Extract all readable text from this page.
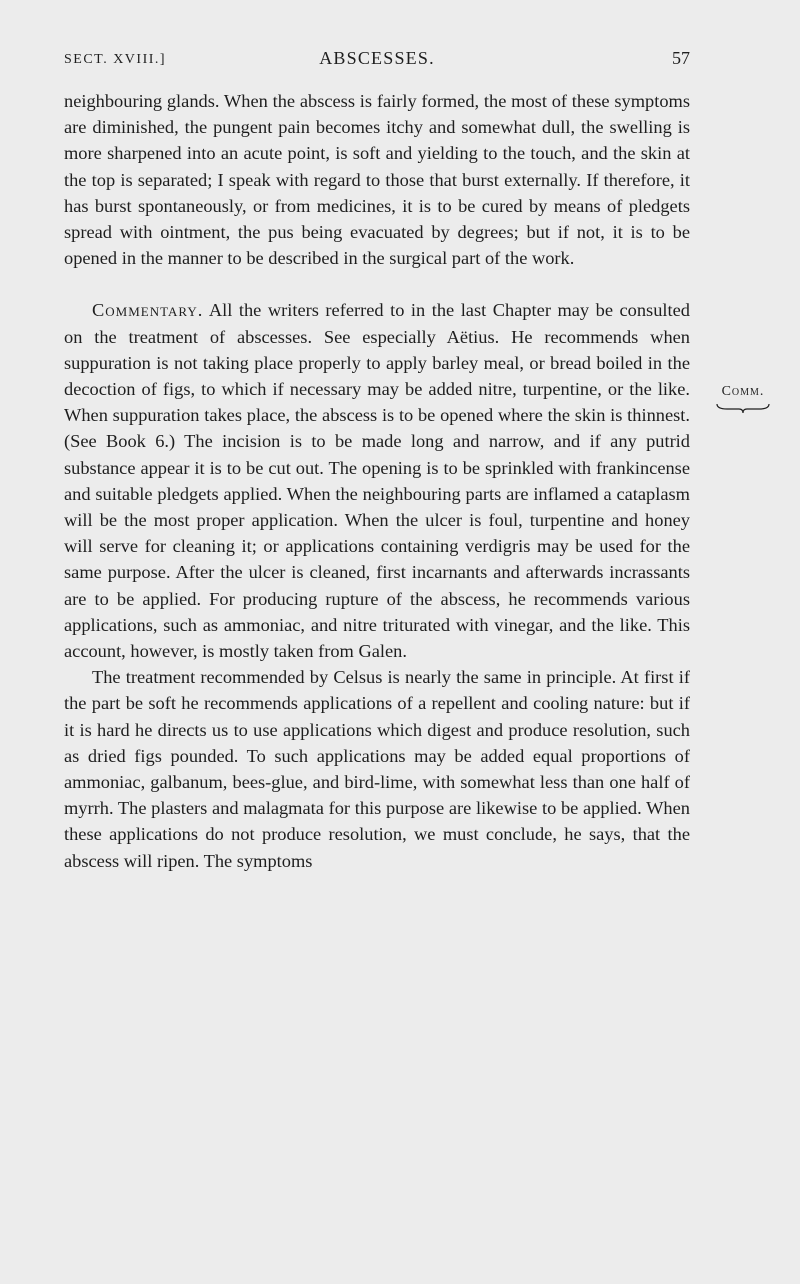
SECT. XVIII.]	ABSCESSES.	57

neighbouring glands. When the abscess is fairly formed, the most of these symptoms are diminished, the pungent pain becomes itchy and somewhat dull, the swelling is more sharpened into an acute point, is soft and yielding to the touch, and the skin at the top is separated; I speak with regard to those that burst externally. If therefore, it has burst spontaneously, or from medicines, it is to be cured by means of pledgets spread with ointment, the pus being evacuated by degrees; but if not, it is to be opened in the manner to be described in the surgical part of the work.

Commentary. All the writers referred to in the last Chapter may be consulted on the treatment of abscesses. See especially Aëtius. He recommends when suppuration is not taking place properly to apply barley meal, or bread boiled in the decoction of figs, to which if necessary may be added nitre, turpentine, or the like. When suppuration takes place, the abscess is to be opened where the skin is thinnest. (See Book 6.) The incision is to be made long and narrow, and if any putrid substance appear it is to be cut out. The opening is to be sprinkled with frankincense and suitable pledgets applied. When the neighbouring parts are inflamed a cataplasm will be the most proper application. When the ulcer is foul, turpentine and honey will serve for cleaning it; or applications containing verdigris may be used for the same purpose. After the ulcer is cleaned, first incarnants and afterwards incrassants are to be applied. For producing rupture of the abscess, he recommends various applications, such as ammoniac, and nitre triturated with vinegar, and the like. This account, however, is mostly taken from Galen.

The treatment recommended by Celsus is nearly the same in principle. At first if the part be soft he recommends applications of a repellent and cooling nature: but if it is hard he directs us to use applications which digest and produce resolution, such as dried figs pounded. To such applications may be added equal proportions of ammoniac, galbanum, bees-glue, and bird-lime, with somewhat less than one half of myrrh. The plasters and malagmata for this purpose are likewise to be applied. When these applications do not produce resolution, we must conclude, he says, that the abscess will ripen. The symptoms

Comm.
